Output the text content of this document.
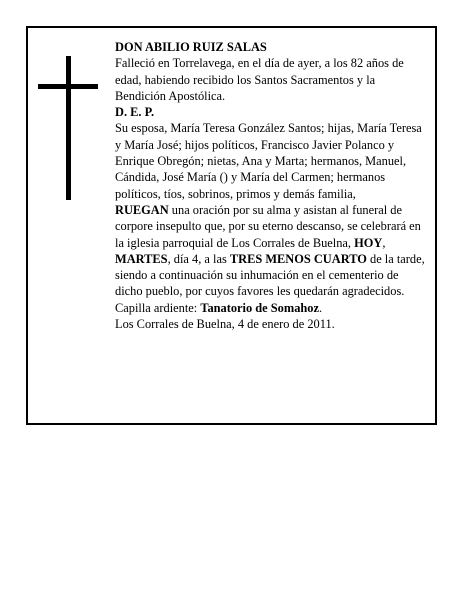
DON ABILIO RUIZ SALAS

Falleció en Torrelavega, en el día de ayer, a los 82 años de edad, habiendo recibido los Santos Sacramentos y la Bendición Apostólica.

D. E. P.

Su esposa, María Teresa González Santos; hijas, María Teresa y María José; hijos políticos, Francisco Javier Polanco y Enrique Obregón; nietas, Ana y Marta; hermanos, Manuel, Cándida, José María () y María del Carmen; hermanos políticos, tíos, sobrinos, primos y demás familia,

RUEGAN una oración por su alma y asistan al funeral de corpore insepulto que, por su eterno descanso, se celebrará en la iglesia parroquial de Los Corrales de Buelna, HOY, MARTES, día 4, a las TRES MENOS CUARTO de la tarde, siendo a continuación su inhumación en el cementerio de dicho pueblo, por cuyos favores les quedarán agradecidos. Capilla ardiente: Tanatorio de Somahoz.

Los Corrales de Buelna, 4 de enero de 2011.
